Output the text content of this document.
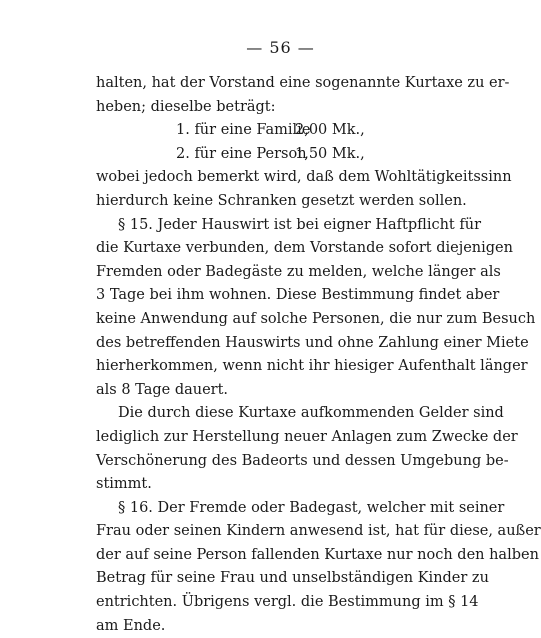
— 56 —
halten, hat der Vorstand eine sogenannte Kurtaxe zu er-
heben; dieselbe beträgt:
1. für eine Familie
2,00 Mk.,
2. für eine Person
1,50 Mk.,
wobei jedoch bemerkt wird, daß dem Wohltätigkeitssinn
hierdurch keine Schranken gesetzt werden sollen.
§ 15. Jeder Hauswirt ist bei eigner Haftpflicht für
die Kurtaxe verbunden, dem Vorstande sofort diejenigen
Fremden oder Badegäste zu melden, welche länger als
3 Tage bei ihm wohnen. Diese Bestimmung findet aber
keine Anwendung auf solche Personen, die nur zum Besuch
des betreffenden Hauswirts und ohne Zahlung einer Miete
hierherkommen, wenn nicht ihr hiesiger Aufenthalt länger
als 8 Tage dauert.
Die durch diese Kurtaxe aufkommenden Gelder sind
lediglich zur Herstellung neuer Anlagen zum Zwecke der
Verschönerung des Badeorts und dessen Umgebung be-
stimmt.
§ 16. Der Fremde oder Badegast, welcher mit seiner
Frau oder seinen Kindern anwesend ist, hat für diese, außer
der auf seine Person fallenden Kurtaxe nur noch den halben
Betrag für seine Frau und unselbständigen Kinder zu
entrichten. Übrigens vergl. die Bestimmung im § 14
am Ende.
